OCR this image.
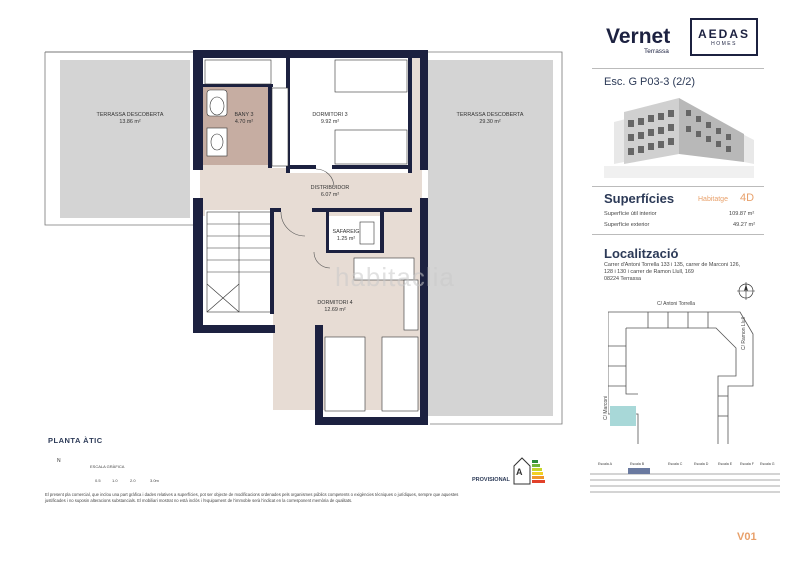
TERRASSA DESCOBERTA
13.86 m²
TERRASSA DESCOBERTA
29.30 m²
BANY 3
4.70 m²
DORMITORI 3
9.92 m²
DISTRIBUIDOR
6.07 m²
SAFAREIG
1.25 m²
DORMITORI 4
12.69 m²
habitaclia
PLANTA ÀTIC
N
ESCALA GRÀFICA
0.5	1.0	2.0	3.0m
El present pla comercial, que inclou una part gràfica i dades relatives a superfícies, pot ser objecte de modificacions ordenades pels organismes públics competents o exigències tècniques o jurídiques, sempre que aquestes
justificades i no suposin alteracions substancials. El mobiliari mostrat no està inclòs i l'equipament de l'immoble serà l'indicat en la corresponent memòria de qualitats.
PROVISIONAL
A
Vernet
Terrassa
AEDAS
HOMES
Esc. G P03-3 (2/2)
Superfícies	Habitatge 4D
Superfície útil interior	109.87 m²
Superfície exterior	49.27 m²
Localització
Carrer d'Antoni Torrella 133 i 135, carrer de Marconi 126,
128 i 130 i carrer de Ramon Llull, 169
08224 Terrassa
C/ Antoni Torrella
C/ Ramon Llull
C/ Marconi
Escala A	Escala B	Escala C	Escala D	Escala E Escala F Escala G
V01
